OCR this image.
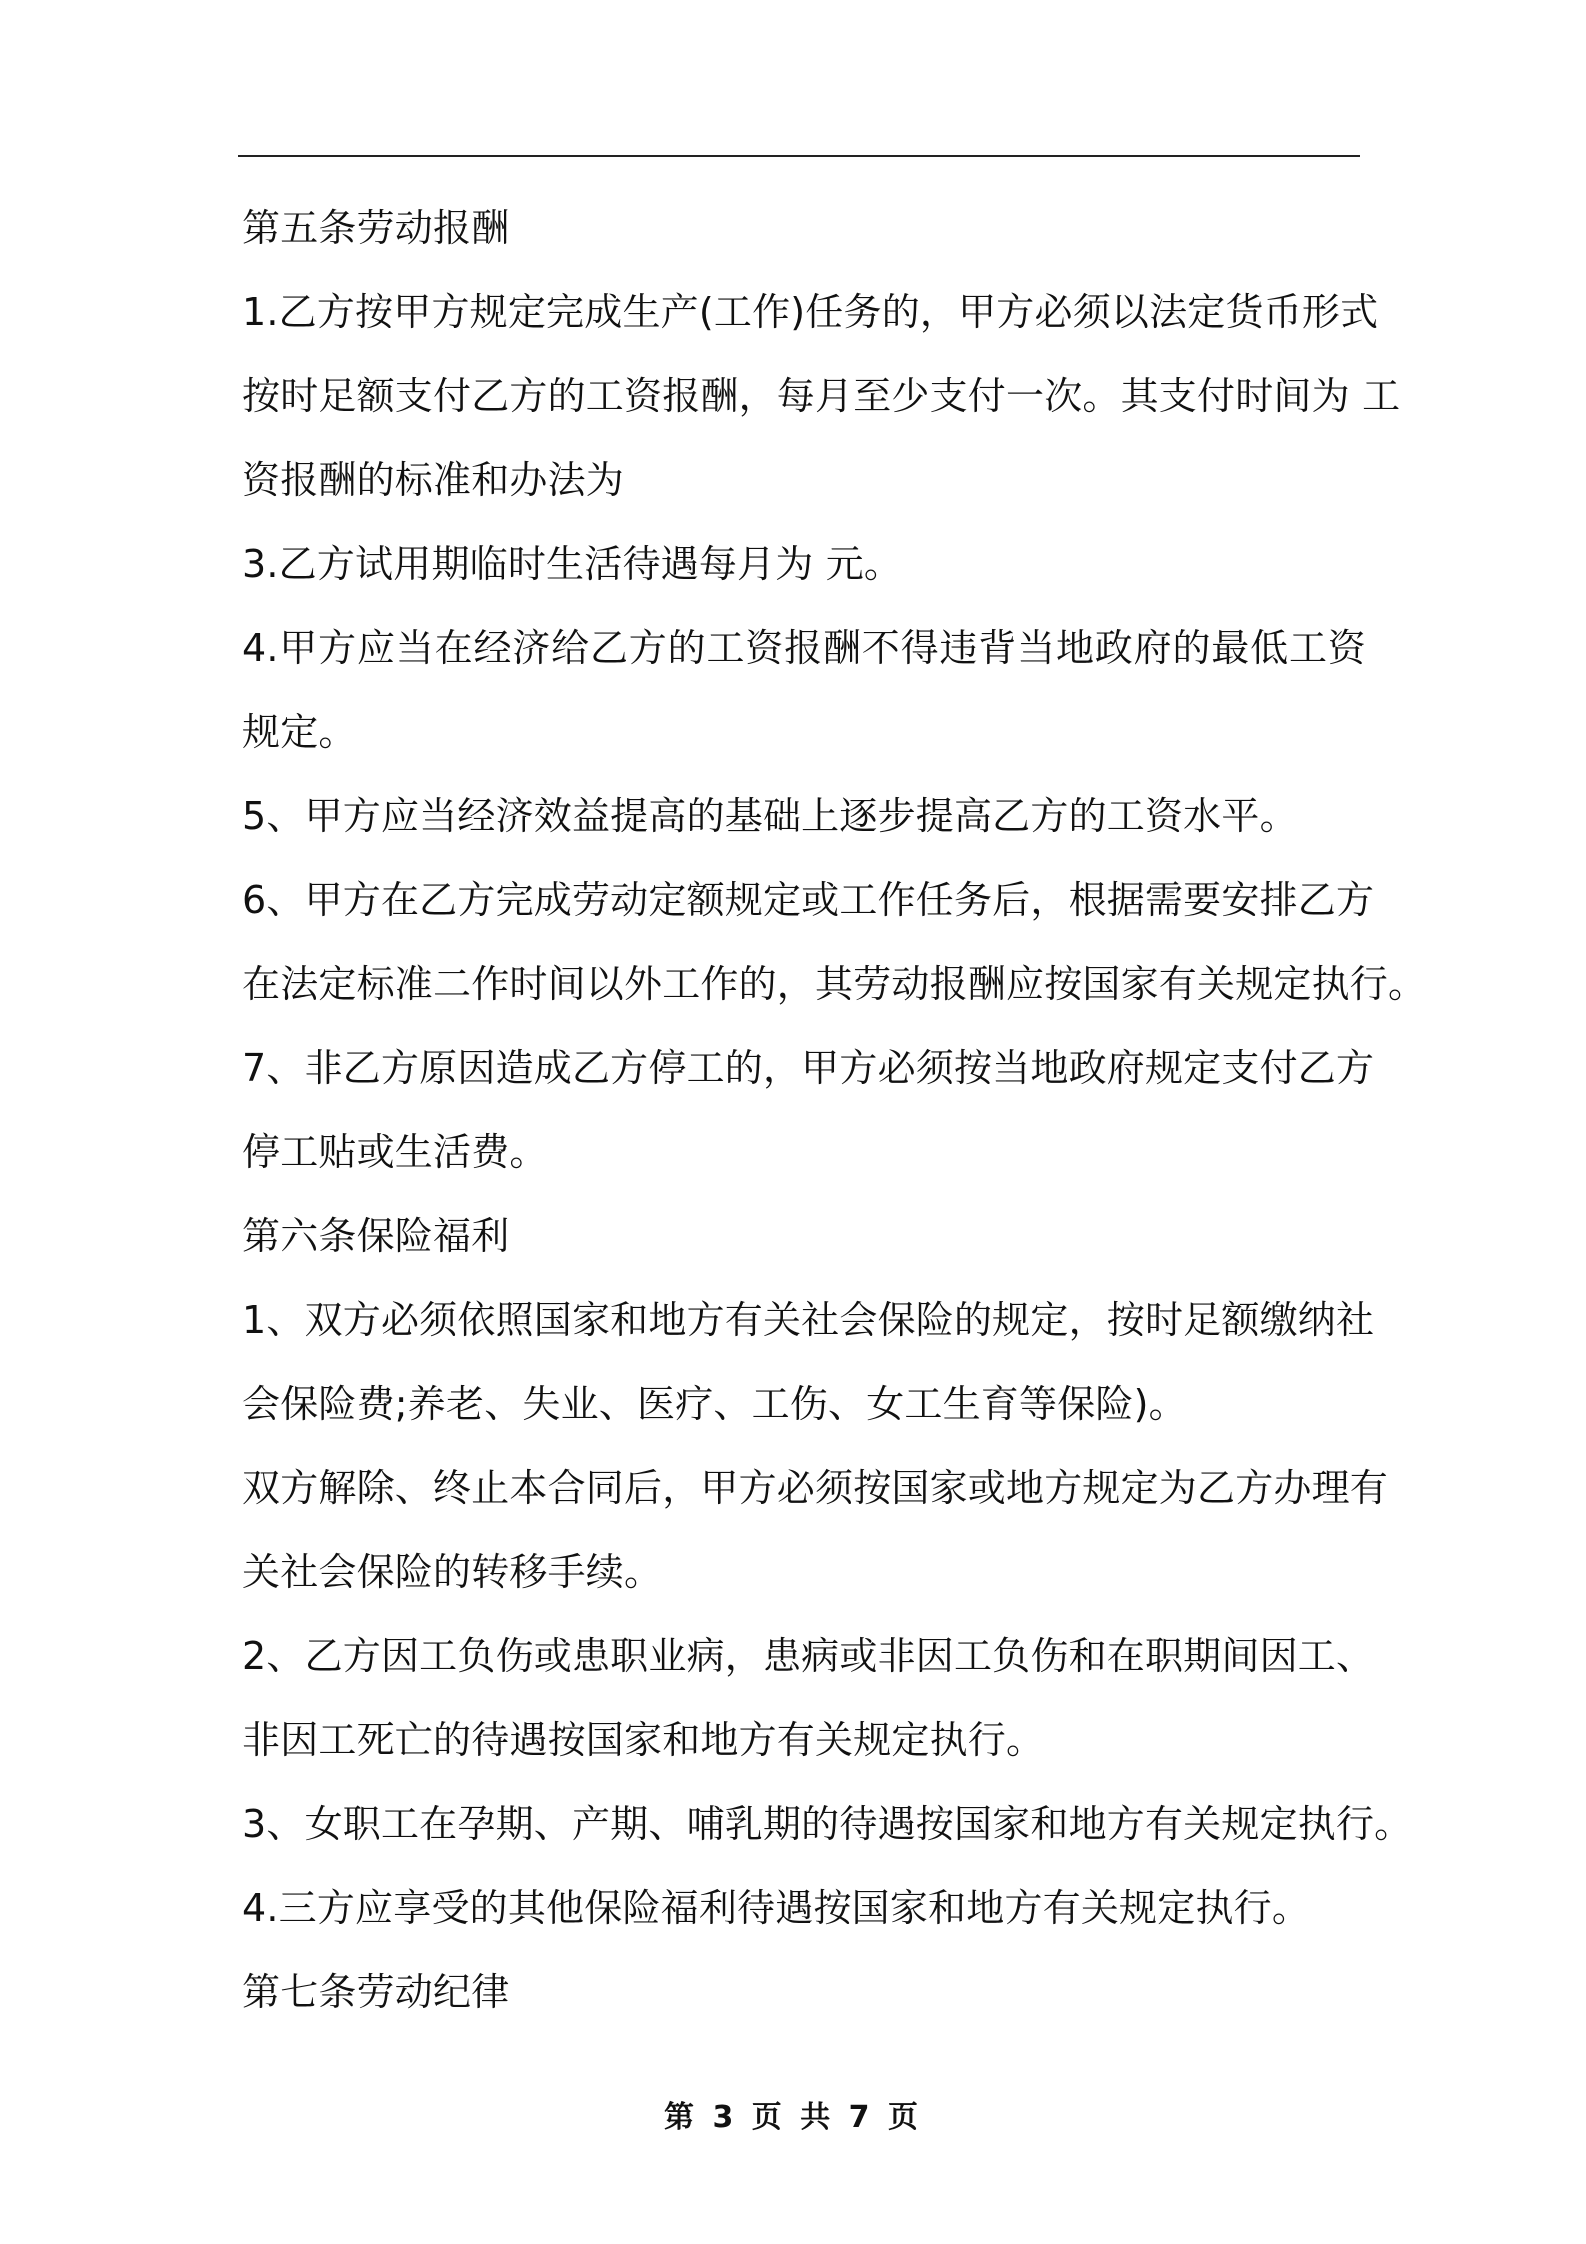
第五条劳动报酬
1.乙方按甲方规定完成生产(工作)任务的，甲方必须以法定货币形式
按时足额支付乙方的工资报酬，每月至少支付一次。其支付时间为 工
资报酬的标准和办法为
3.乙方试用期临时生活待遇每月为 元。
4.甲方应当在经济给乙方的工资报酬不得违背当地政府的最低工资
规定。
5、甲方应当经济效益提高的基础上逐步提高乙方的工资水平。
6、甲方在乙方完成劳动定额规定或工作任务后，根据需要安排乙方
在法定标准二作时间以外工作的，其劳动报酬应按国家有关规定执行。
7、非乙方原因造成乙方停工的，甲方必须按当地政府规定支付乙方
停工贴或生活费。
第六条保险福利
1、双方必须依照国家和地方有关社会保险的规定，按时足额缴纳社
会保险费;养老、失业、医疗、工伤、女工生育等保险)。
双方解除、终止本合同后，甲方必须按国家或地方规定为乙方办理有
关社会保险的转移手续。
2、乙方因工负伤或患职业病，患病或非因工负伤和在职期间因工、
非因工死亡的待遇按国家和地方有关规定执行。
3、女职工在孕期、产期、哺乳期的待遇按国家和地方有关规定执行。
4.三方应享受的其他保险福利待遇按国家和地方有关规定执行。
第七条劳动纪律
第 3 页 共 7 页
